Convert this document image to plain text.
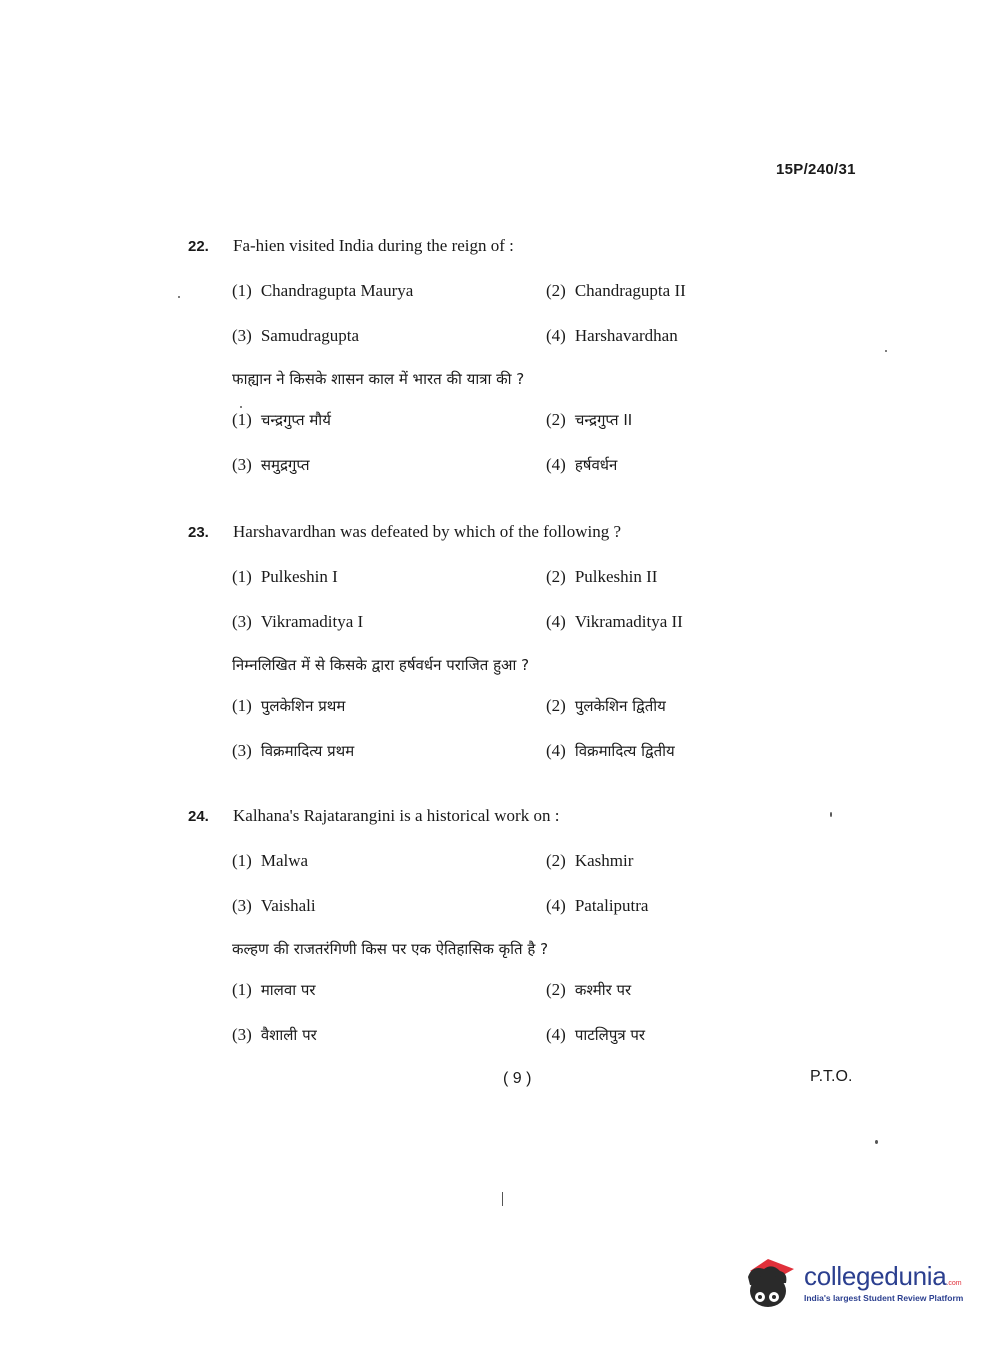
15P/240/31
22.	Fa-hien visited India during the reign of :
(1) Chandragupta Maurya	(2) Chandragupta II
(3) Samudragupta	(4) Harshavardhan
फाह्यान ने किसके शासन काल में भारत की यात्रा की ?
(1) चन्द्रगुप्त मौर्य	(2) चन्द्रगुप्त II
(3) समुद्रगुप्त	(4) हर्षवर्धन
23.	Harshavardhan was defeated by which of the following ?
(1) Pulkeshin I	(2) Pulkeshin II
(3) Vikramaditya I	(4) Vikramaditya II
निम्नलिखित में से किसके द्वारा हर्षवर्धन पराजित हुआ ?
(1) पुलकेशिन प्रथम	(2) पुलकेशिन द्वितीय
(3) विक्रमादित्य प्रथम	(4) विक्रमादित्य द्वितीय
24.	Kalhana's Rajatarangini is a historical work on :
(1) Malwa	(2) Kashmir
(3) Vaishali	(4) Pataliputra
कल्हण की राजतरंगिणी किस पर एक ऐतिहासिक कृति है ?
(1) मालवा पर	(2) कश्मीर पर
(3) वैशाली पर	(4) पाटलिपुत्र पर
( 9 )	P.T.O.
collegedunia.com
India's largest Student Review Platform
